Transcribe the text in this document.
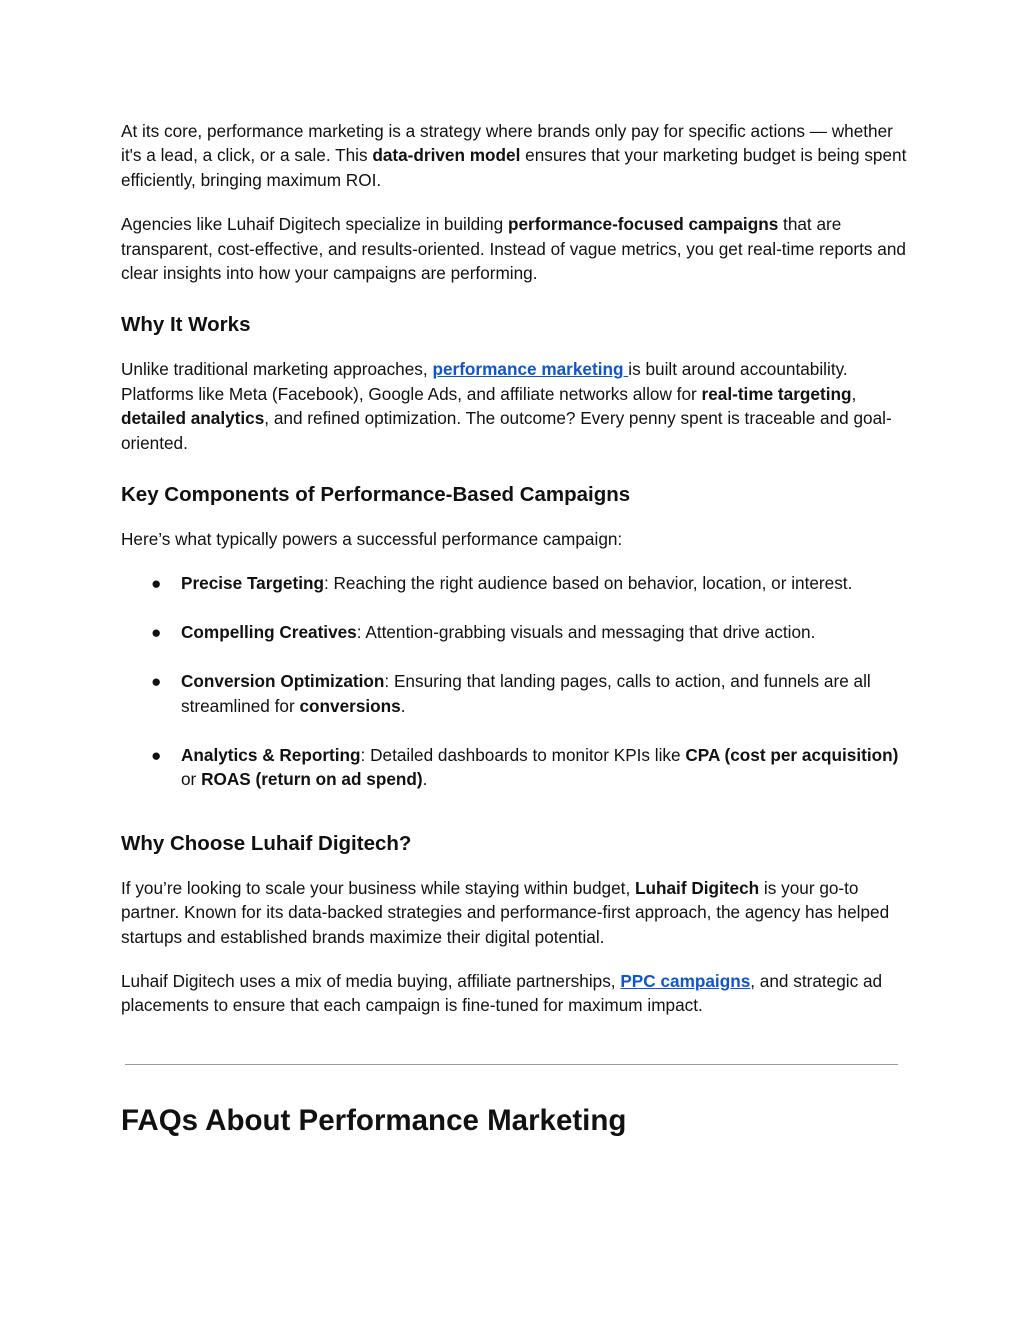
At its core, performance marketing is a strategy where brands only pay for specific actions — whether it's a lead, a click, or a sale. This data-driven model ensures that your marketing budget is being spent efficiently, bringing maximum ROI.

Agencies like Luhaif Digitech specialize in building performance-focused campaigns that are transparent, cost-effective, and results-oriented. Instead of vague metrics, you get real-time reports and clear insights into how your campaigns are performing.

Why It Works

Unlike traditional marketing approaches, performance marketing is built around accountability. Platforms like Meta (Facebook), Google Ads, and affiliate networks allow for real-time targeting, detailed analytics, and refined optimization. The outcome? Every penny spent is traceable and goal-oriented.

Key Components of Performance-Based Campaigns

Here’s what typically powers a successful performance campaign:

● Precise Targeting: Reaching the right audience based on behavior, location, or interest.
● Compelling Creatives: Attention-grabbing visuals and messaging that drive action.
● Conversion Optimization: Ensuring that landing pages, calls to action, and funnels are all streamlined for conversions.
● Analytics & Reporting: Detailed dashboards to monitor KPIs like CPA (cost per acquisition) or ROAS (return on ad spend).
Why Choose Luhaif Digitech?

If you’re looking to scale your business while staying within budget, Luhaif Digitech is your go-to partner. Known for its data-backed strategies and performance-first approach, the agency has helped startups and established brands maximize their digital potential.

Luhaif Digitech uses a mix of media buying, affiliate partnerships, PPC campaigns, and strategic ad placements to ensure that each campaign is fine-tuned for maximum impact.

FAQs About Performance Marketing
